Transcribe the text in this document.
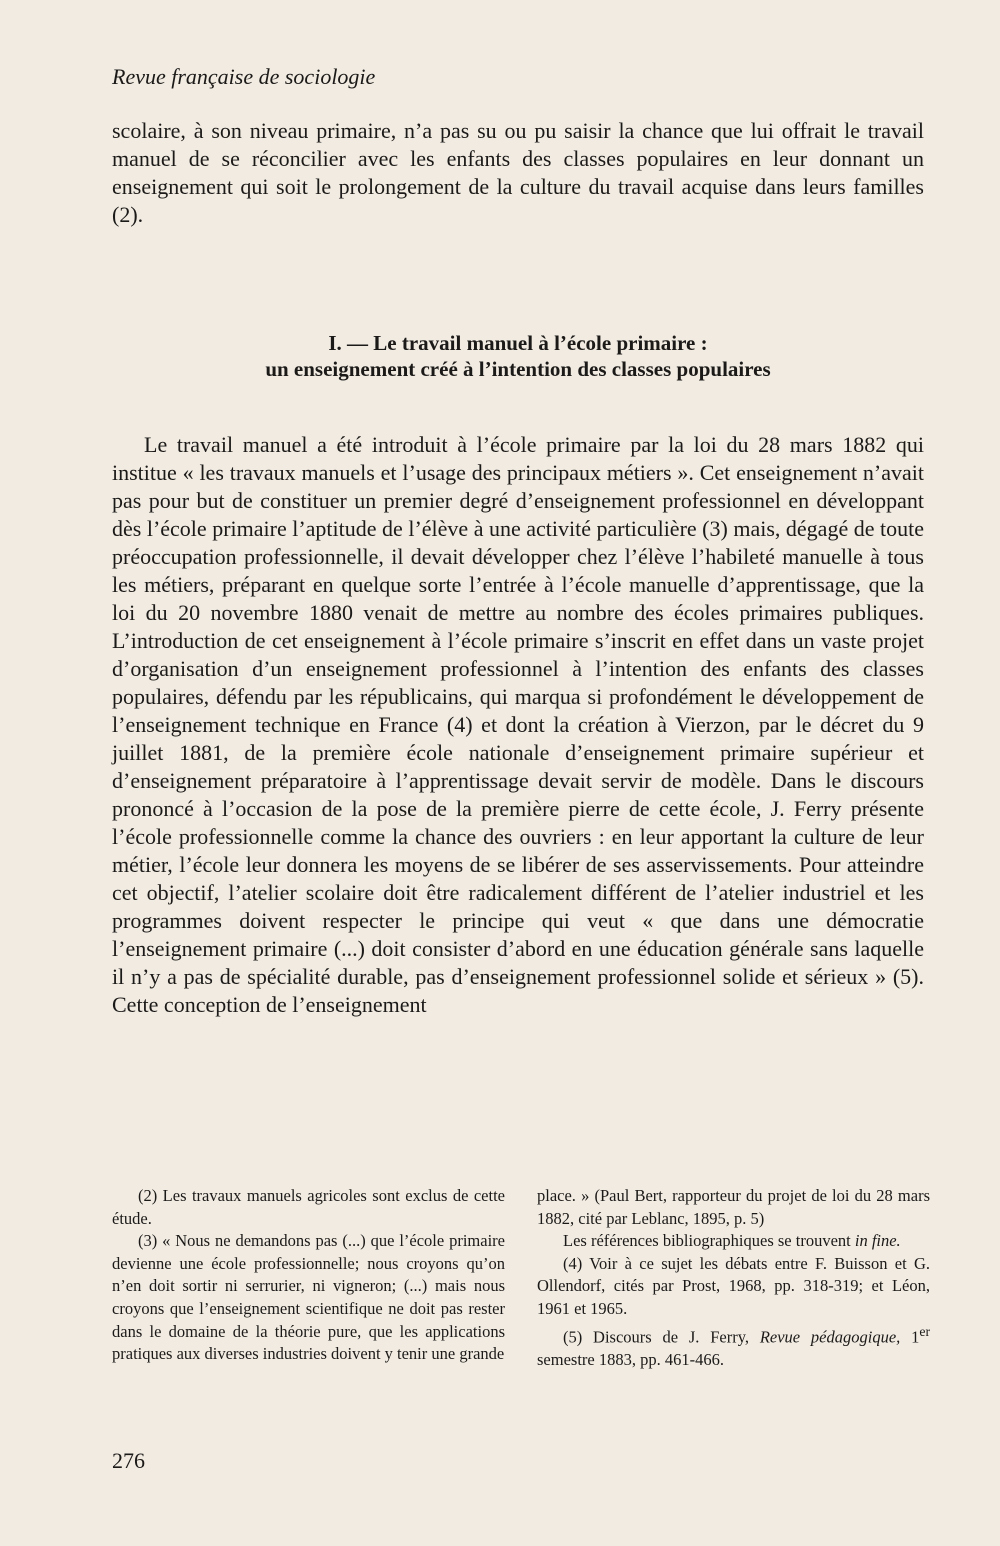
Revue française de sociologie

scolaire, à son niveau primaire, n’a pas su ou pu saisir la chance que lui offrait le travail manuel de se réconcilier avec les enfants des classes populaires en leur donnant un enseignement qui soit le prolongement de la culture du travail acquise dans leurs familles (2).

I. — Le travail manuel à l’école primaire :
un enseignement créé à l’intention des classes populaires

Le travail manuel a été introduit à l’école primaire par la loi du 28 mars 1882 qui institue « les travaux manuels et l’usage des principaux métiers ». Cet enseignement n’avait pas pour but de constituer un premier degré d’enseignement professionnel en développant dès l’école primaire l’aptitude de l’élève à une activité particulière (3) mais, dégagé de toute préoccupation professionnelle, il devait développer chez l’élève l’habileté manuelle à tous les métiers, préparant en quelque sorte l’entrée à l’école manuelle d’apprentissage, que la loi du 20 novembre 1880 venait de mettre au nombre des écoles primaires publiques. L’introduction de cet enseignement à l’école primaire s’inscrit en effet dans un vaste projet d’organisation d’un enseignement professionnel à l’intention des enfants des classes populaires, défendu par les républicains, qui marqua si profondément le développement de l’enseignement technique en France (4) et dont la création à Vierzon, par le décret du 9 juillet 1881, de la première école nationale d’enseignement primaire supérieur et d’enseignement préparatoire à l’apprentissage devait servir de modèle. Dans le discours prononcé à l’occasion de la pose de la première pierre de cette école, J. Ferry présente l’école professionnelle comme la chance des ouvriers : en leur apportant la culture de leur métier, l’école leur donnera les moyens de se libérer de ses asservissements. Pour atteindre cet objectif, l’atelier scolaire doit être radicalement différent de l’atelier industriel et les programmes doivent respecter le principe qui veut « que dans une démocratie l’enseignement primaire (...) doit consister d’abord en une éducation générale sans laquelle il n’y a pas de spécialité durable, pas d’enseignement professionnel solide et sérieux » (5). Cette conception de l’enseignement

(2) Les travaux manuels agricoles sont exclus de cette étude.

(3) « Nous ne demandons pas (...) que l’école primaire devienne une école professionnelle; nous croyons qu’on n’en doit sortir ni serrurier, ni vigneron; (...) mais nous croyons que l’enseignement scientifique ne doit pas rester dans le domaine de la théorie pure, que les applications pratiques aux diverses industries doivent y tenir une grande

place. » (Paul Bert, rapporteur du projet de loi du 28 mars 1882, cité par Leblanc, 1895, p. 5)

Les références bibliographiques se trouvent in fine.

(4) Voir à ce sujet les débats entre F. Buisson et G. Ollendorf, cités par Prost, 1968, pp. 318-319; et Léon, 1961 et 1965.

(5) Discours de J. Ferry, Revue pédagogique, 1er semestre 1883, pp. 461-466.

276
